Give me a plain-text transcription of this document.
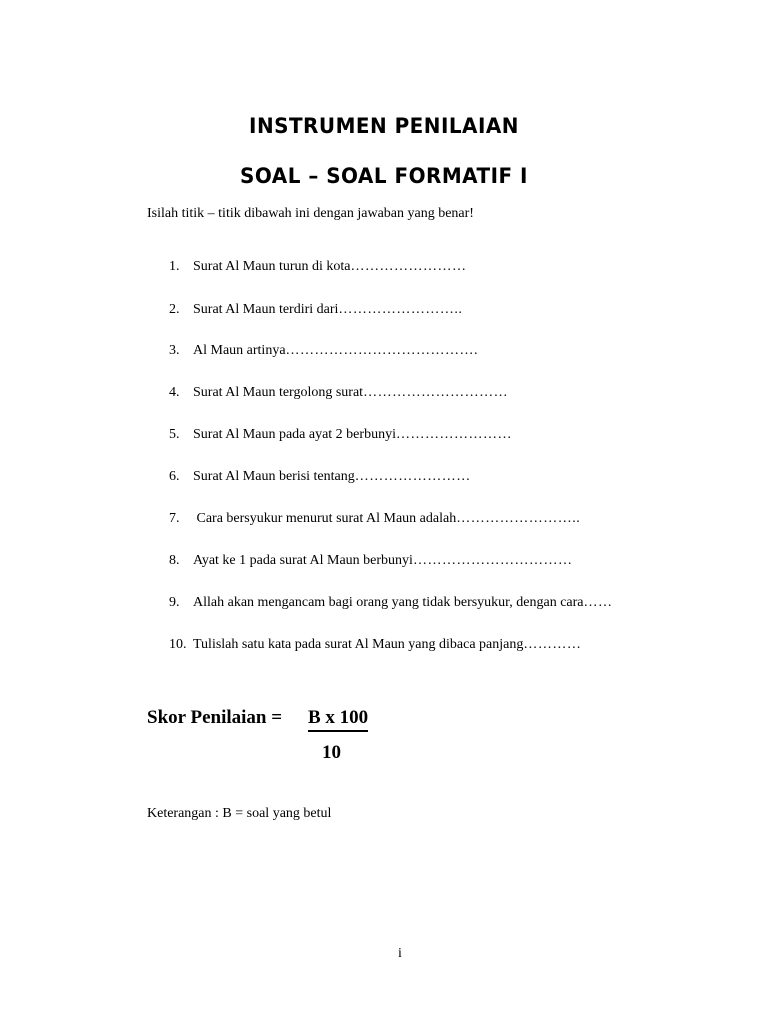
INSTRUMEN PENILAIAN
SOAL – SOAL FORMATIF I
Isilah titik – titik dibawah ini dengan jawaban yang benar!
1. Surat Al Maun turun di kota……………………
2. Surat Al Maun terdiri dari……………………..
3. Al Maun artinya………………………………….
4. Surat Al Maun tergolong surat…………………………
5. Surat Al Maun pada ayat 2 berbunyi……………………
6. Surat Al Maun berisi tentang……………………
7. Cara bersyukur menurut surat Al Maun adalah……………………..
8. Ayat ke 1 pada surat Al Maun berbunyi……………………………
9. Allah akan mengancam bagi orang yang tidak bersyukur, dengan cara……
10. Tulislah satu kata pada surat Al Maun yang dibaca panjang…………
Skor Penilaian = B x 100
10
Keterangan : B = soal yang betul
i
